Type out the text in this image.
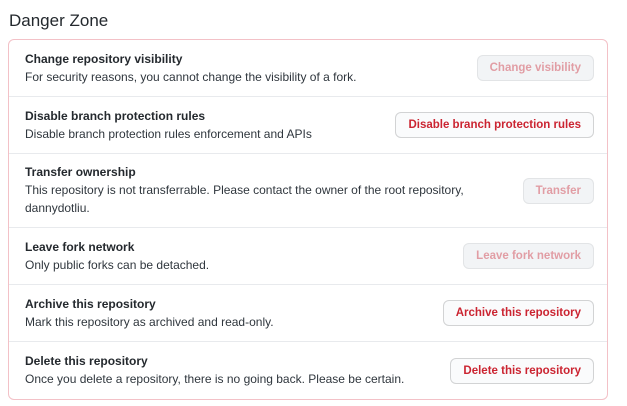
Danger Zone
Change repository visibility
For security reasons, you cannot change the visibility of a fork.
Change visibility
Disable branch protection rules
Disable branch protection rules enforcement and APIs
Disable branch protection rules
Transfer ownership
This repository is not transferrable. Please contact the owner of the root repository, dannydotliu.
Transfer
Leave fork network
Only public forks can be detached.
Leave fork network
Archive this repository
Mark this repository as archived and read-only.
Archive this repository
Delete this repository
Once you delete a repository, there is no going back. Please be certain.
Delete this repository
